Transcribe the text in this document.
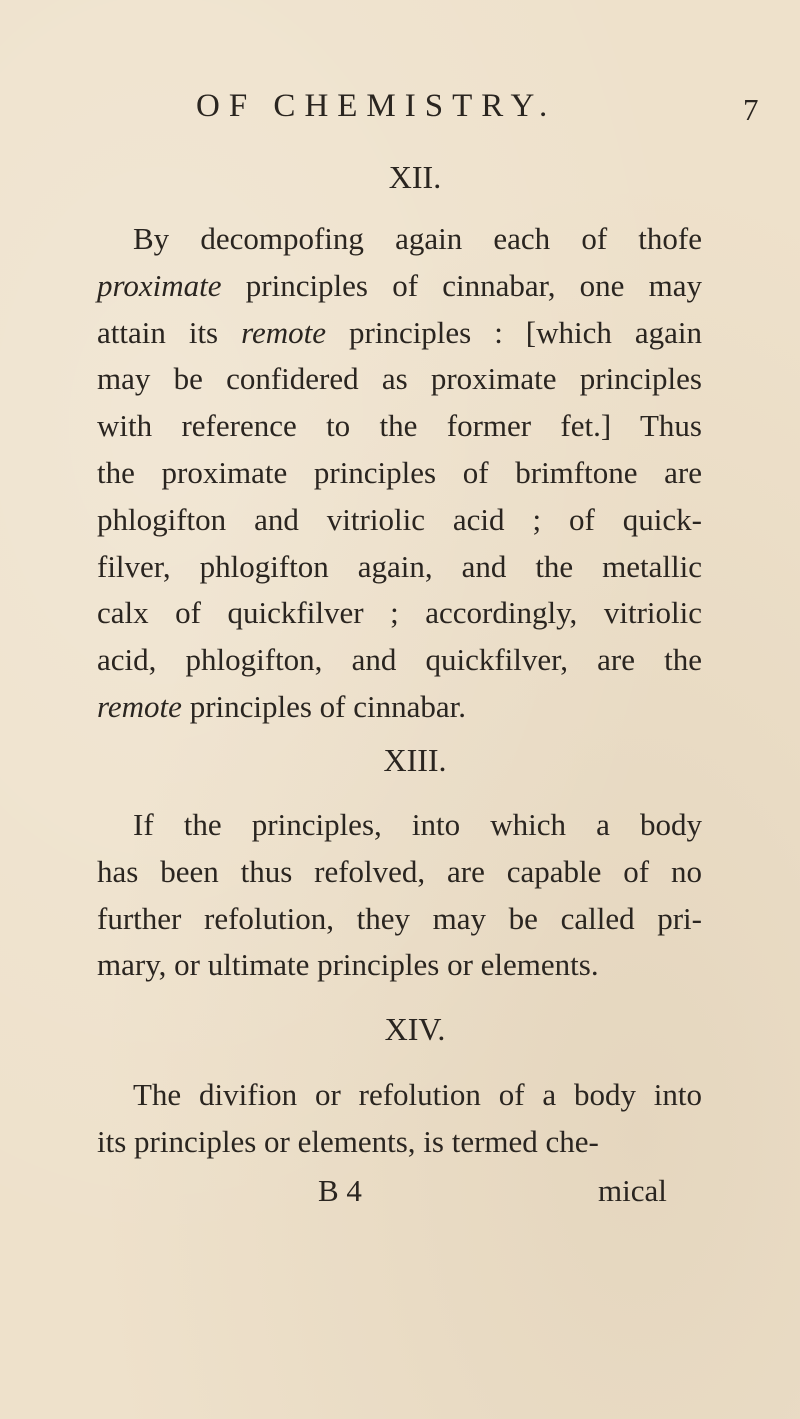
OF CHEMISTRY.	7
XII.
By decompofing again each of thofe
proximate principles of cinnabar, one may
attain its remote principles : [which again
may be confidered as proximate principles
with reference to the former fet.] Thus
the proximate principles of brimftone are
phlogifton and vitriolic acid ; of quick-
filver, phlogifton again, and the metallic
calx of quickfilver ; accordingly, vitriolic
acid, phlogifton, and quickfilver, are the
remote principles of cinnabar.
XIII.
If the principles, into which a body
has been thus refolved, are capable of no
further refolution, they may be called pri-
mary, or ultimate principles or elements.
XIV.
The divifion or refolution of a body into
its principles or elements, is termed che-
B 4	mical
